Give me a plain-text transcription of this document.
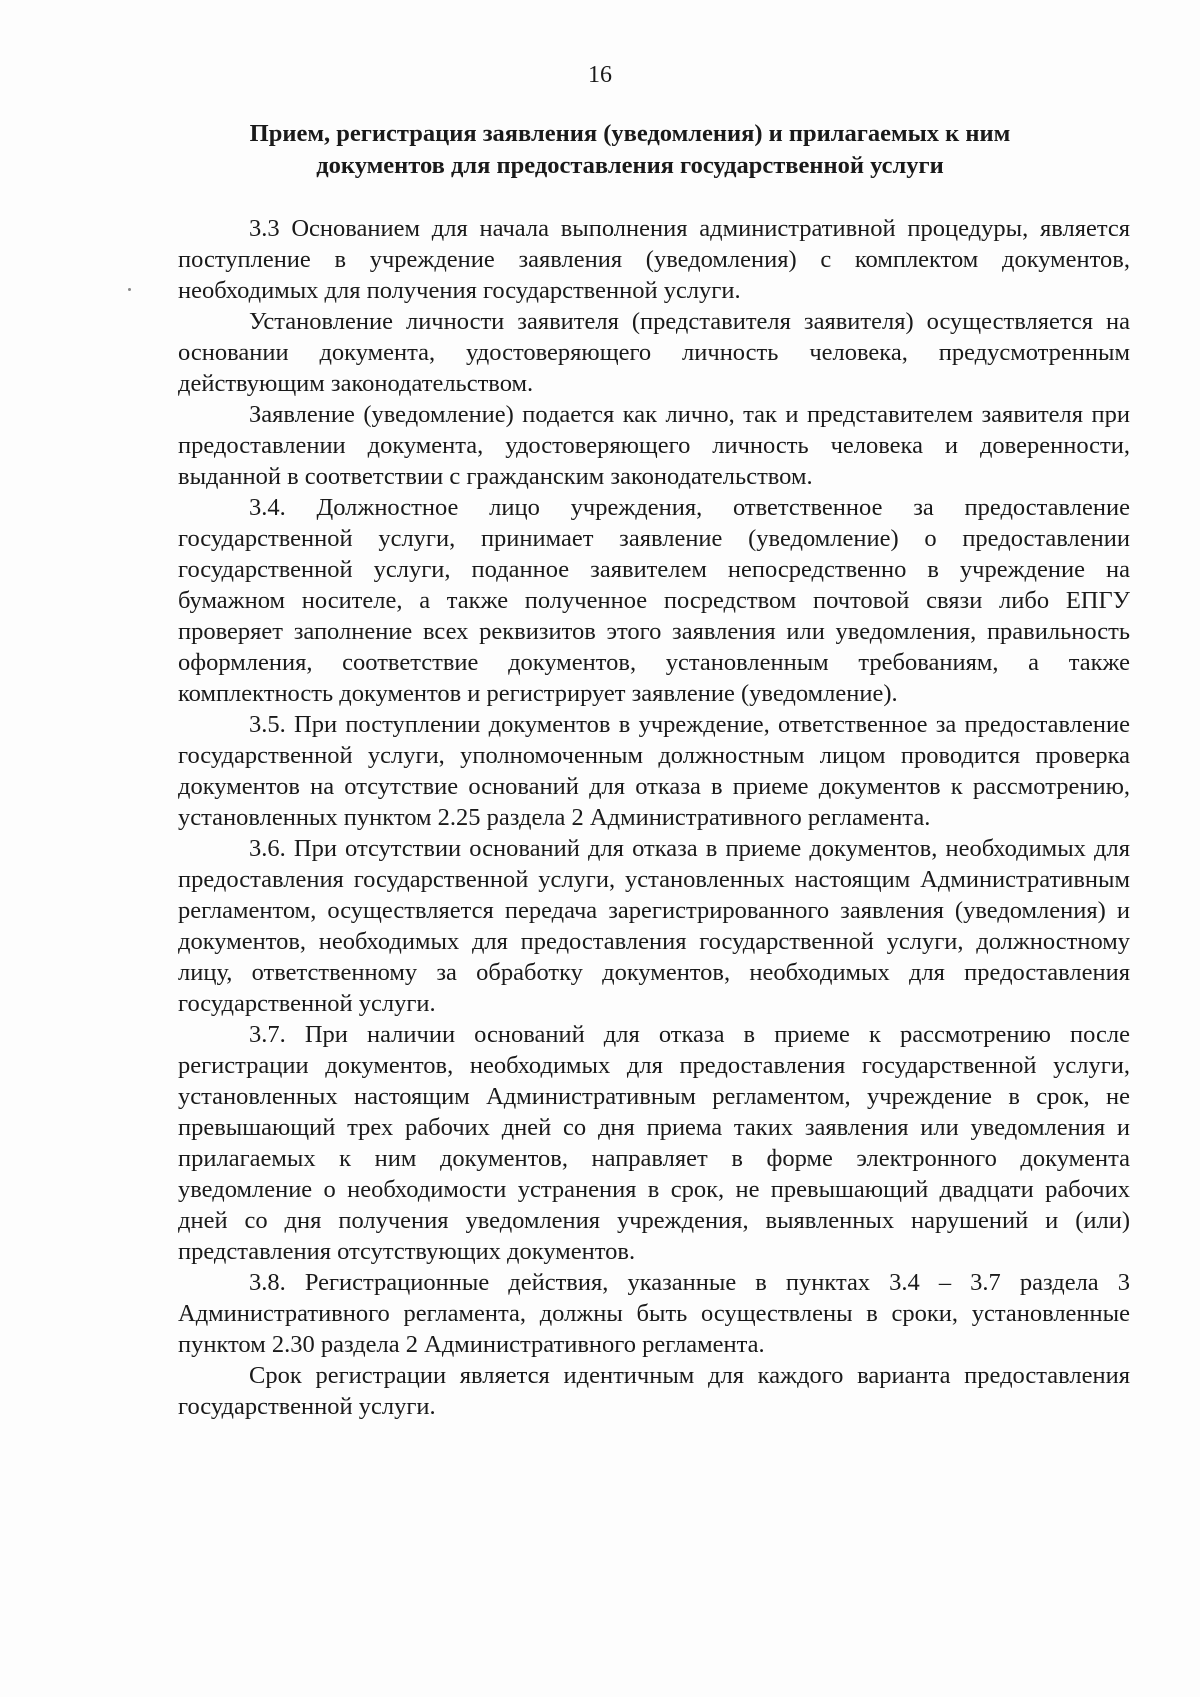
16
Прием, регистрация заявления (уведомления) и прилагаемых к ним документов для предоставления государственной услуги

3.3 Основанием для начала выполнения административной процедуры, является поступление в учреждение заявления (уведомления) с комплектом документов, необходимых для получения государственной услуги.

Установление личности заявителя (представителя заявителя) осуществляется на основании документа, удостоверяющего личность человека, предусмотренным действующим законодательством.

Заявление (уведомление) подается как лично, так и представителем заявителя при предоставлении документа, удостоверяющего личность человека и доверенности, выданной в соответствии с гражданским законодательством.

3.4. Должностное лицо учреждения, ответственное за предоставление государственной услуги, принимает заявление (уведомление) о предоставлении государственной услуги, поданное заявителем непосредственно в учреждение на бумажном носителе, а также полученное посредством почтовой связи либо ЕПГУ проверяет заполнение всех реквизитов этого заявления или уведомления, правильность оформления, соответствие документов, установленным требованиям, а также комплектность документов и регистрирует заявление (уведомление).

3.5. При поступлении документов в учреждение, ответственное за предоставление государственной услуги, уполномоченным должностным лицом проводится проверка документов на отсутствие оснований для отказа в приеме документов к рассмотрению, установленных пунктом 2.25 раздела 2 Административного регламента.

3.6. При отсутствии оснований для отказа в приеме документов, необходимых для предоставления государственной услуги, установленных настоящим Административным регламентом, осуществляется передача зарегистрированного заявления (уведомления) и документов, необходимых для предоставления государственной услуги, должностному лицу, ответственному за обработку документов, необходимых для предоставления государственной услуги.

3.7. При наличии оснований для отказа в приеме к рассмотрению после регистрации документов, необходимых для предоставления государственной услуги, установленных настоящим Административным регламентом, учреждение в срок, не превышающий трех рабочих дней со дня приема таких заявления или уведомления и прилагаемых к ним документов, направляет в форме электронного документа уведомление о необходимости устранения в срок, не превышающий двадцати рабочих дней со дня получения уведомления учреждения, выявленных нарушений и (или) представления отсутствующих документов.

3.8. Регистрационные действия, указанные в пунктах 3.4 – 3.7 раздела 3 Административного регламента, должны быть осуществлены в сроки, установленные пунктом 2.30 раздела 2 Административного регламента.

Срок регистрации является идентичным для каждого варианта предоставления государственной услуги.
